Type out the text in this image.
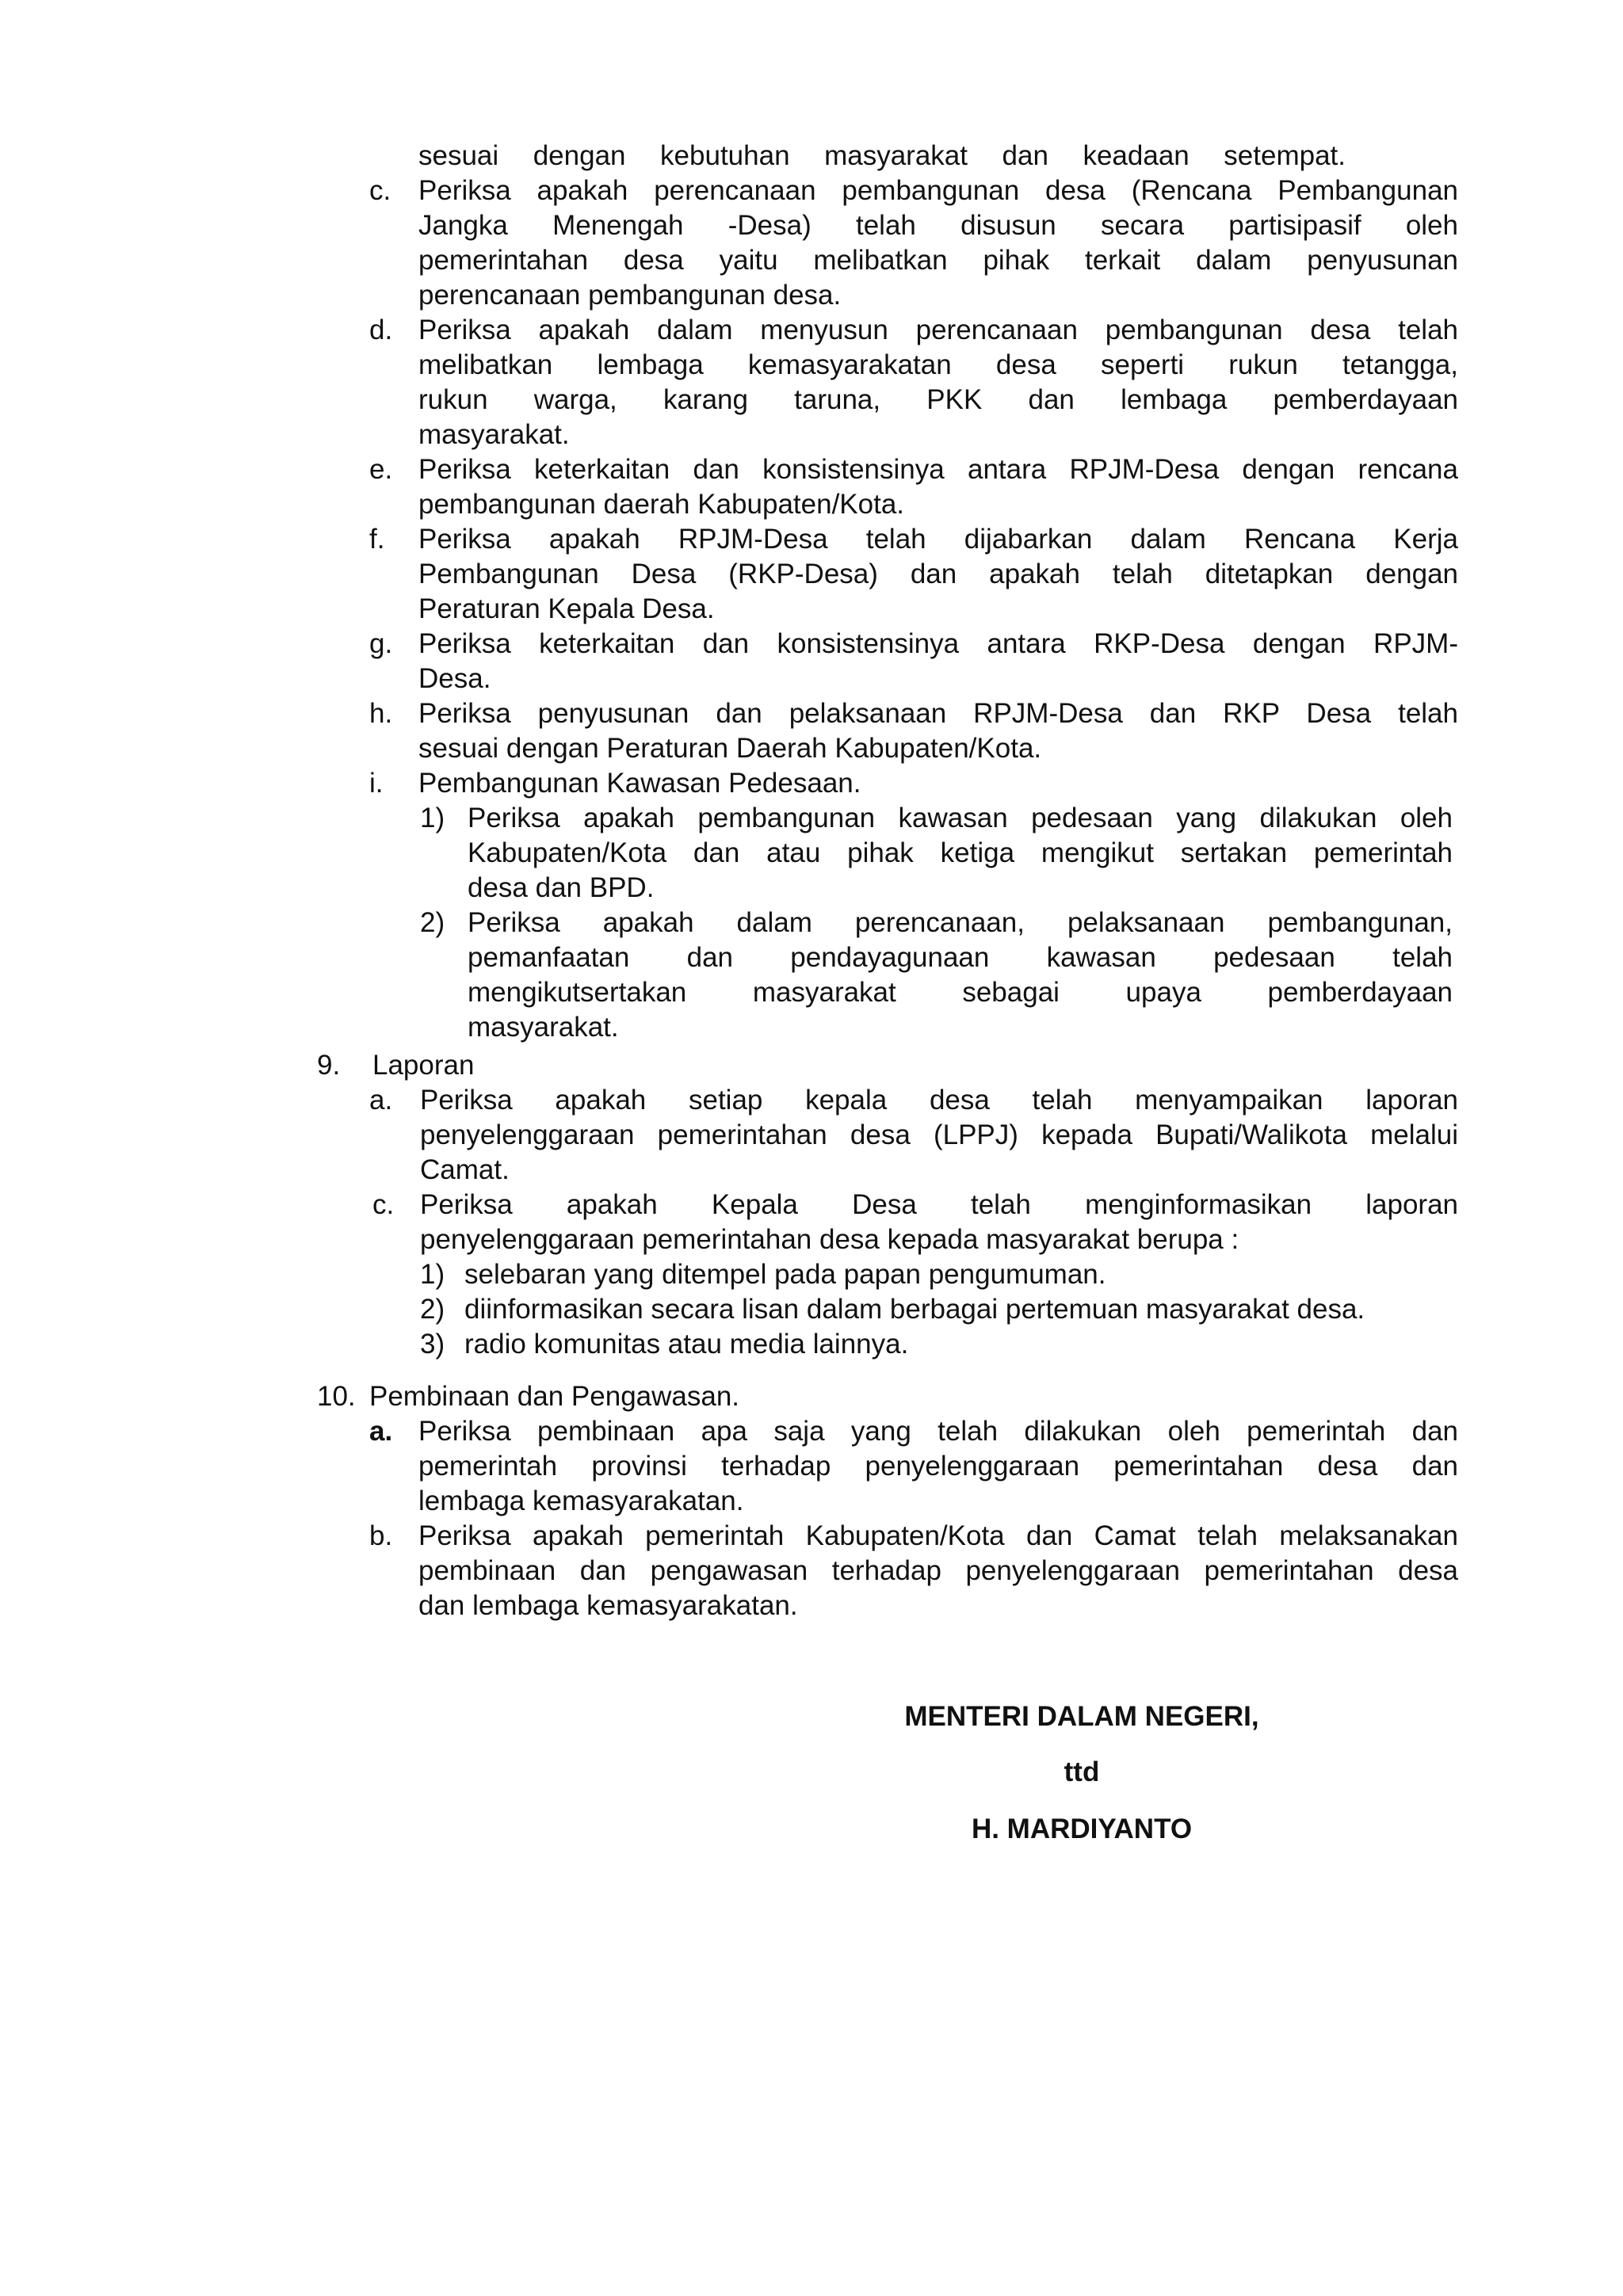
sesuai dengan kebutuhan masyarakat dan keadaan setempat.
c. Periksa apakah perencanaan pembangunan desa (Rencana Pembangunan
Jangka Menengah -Desa) telah disusun secara partisipasif oleh
pemerintahan desa yaitu melibatkan pihak terkait dalam penyusunan
perencanaan pembangunan desa.
d. Periksa apakah dalam menyusun perencanaan pembangunan desa telah
melibatkan lembaga kemasyarakatan desa seperti rukun tetangga,
rukun warga, karang taruna, PKK dan lembaga pemberdayaan
masyarakat.
e. Periksa keterkaitan dan konsistensinya antara RPJM-Desa dengan rencana
pembangunan daerah Kabupaten/Kota.
f. Periksa apakah RPJM-Desa telah dijabarkan dalam Rencana Kerja
Pembangunan Desa (RKP-Desa) dan apakah telah ditetapkan dengan
Peraturan Kepala Desa.
g. Periksa keterkaitan dan konsistensinya antara RKP-Desa dengan RPJM-
Desa.
h. Periksa penyusunan dan pelaksanaan RPJM-Desa dan RKP Desa telah
sesuai dengan Peraturan Daerah Kabupaten/Kota.
i. Pembangunan Kawasan Pedesaan.
1) Periksa apakah pembangunan kawasan pedesaan yang dilakukan oleh
Kabupaten/Kota dan atau pihak ketiga mengikut sertakan pemerintah
desa dan BPD.
2) Periksa apakah dalam perencanaan, pelaksanaan pembangunan,
pemanfaatan dan pendayagunaan kawasan pedesaan telah
mengikutsertakan masyarakat sebagai upaya pemberdayaan
masyarakat.
9. Laporan
a. Periksa apakah setiap kepala desa telah menyampaikan laporan
penyelenggaraan pemerintahan desa (LPPJ) kepada Bupati/Walikota melalui
Camat.
c. Periksa apakah Kepala Desa telah menginformasikan laporan
penyelenggaraan pemerintahan desa kepada masyarakat berupa :
1) selebaran yang ditempel pada papan pengumuman.
2) diinformasikan secara lisan dalam berbagai pertemuan masyarakat desa.
3) radio komunitas atau media lainnya.
10. Pembinaan dan Pengawasan.
a. Periksa pembinaan apa saja yang telah dilakukan oleh pemerintah dan
pemerintah provinsi terhadap penyelenggaraan pemerintahan desa dan
lembaga kemasyarakatan.
b. Periksa apakah pemerintah Kabupaten/Kota dan Camat telah melaksanakan
pembinaan dan pengawasan terhadap penyelenggaraan pemerintahan desa
dan lembaga kemasyarakatan.
MENTERI DALAM NEGERI,
ttd
H. MARDIYANTO
